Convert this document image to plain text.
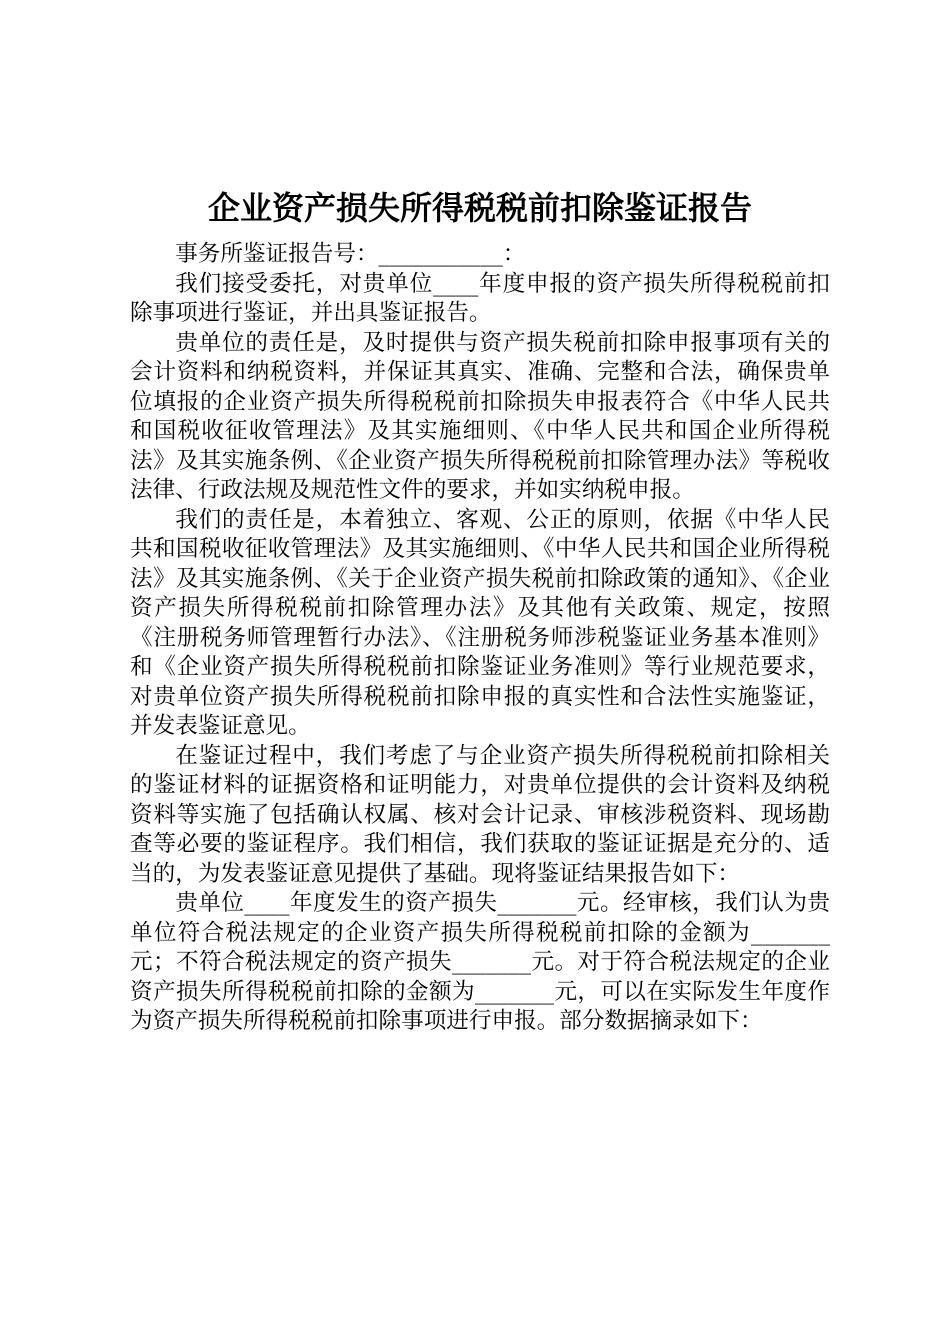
企业资产损失所得税税前扣除鉴证报告

事务所鉴证报告号：___________：

我们接受委托，对贵单位____年度申报的资产损失所得税税前扣除事项进行鉴证，并出具鉴证报告。

贵单位的责任是，及时提供与资产损失税前扣除申报事项有关的会计资料和纳税资料，并保证其真实、准确、完整和合法，确保贵单位填报的企业资产损失所得税税前扣除损失申报表符合《中华人民共和国税收征收管理法》及其实施细则、《中华人民共和国企业所得税法》及其实施条例、《企业资产损失所得税税前扣除管理办法》等税收法律、行政法规及规范性文件的要求，并如实纳税申报。

我们的责任是，本着独立、客观、公正的原则，依据《中华人民共和国税收征收管理法》及其实施细则、《中华人民共和国企业所得税法》及其实施条例、《关于企业资产损失税前扣除政策的通知》、《企业资产损失所得税税前扣除管理办法》及其他有关政策、规定，按照《注册税务师管理暂行办法》、《注册税务师涉税鉴证业务基本准则》和《企业资产损失所得税税前扣除鉴证业务准则》等行业规范要求，对贵单位资产损失所得税税前扣除申报的真实性和合法性实施鉴证，并发表鉴证意见。

在鉴证过程中，我们考虑了与企业资产损失所得税税前扣除相关的鉴证材料的证据资格和证明能力，对贵单位提供的会计资料及纳税资料等实施了包括确认权属、核对会计记录、审核涉税资料、现场勘查等必要的鉴证程序。我们相信，我们获取的鉴证证据是充分的、适当的，为发表鉴证意见提供了基础。现将鉴证结果报告如下：

贵单位____年度发生的资产损失_______元。经审核，我们认为贵单位符合税法规定的企业资产损失所得税税前扣除的金额为_______元；不符合税法规定的资产损失_______元。对于符合税法规定的企业资产损失所得税税前扣除的金额为_______元，可以在实际发生年度作为资产损失所得税税前扣除事项进行申报。部分数据摘录如下：
